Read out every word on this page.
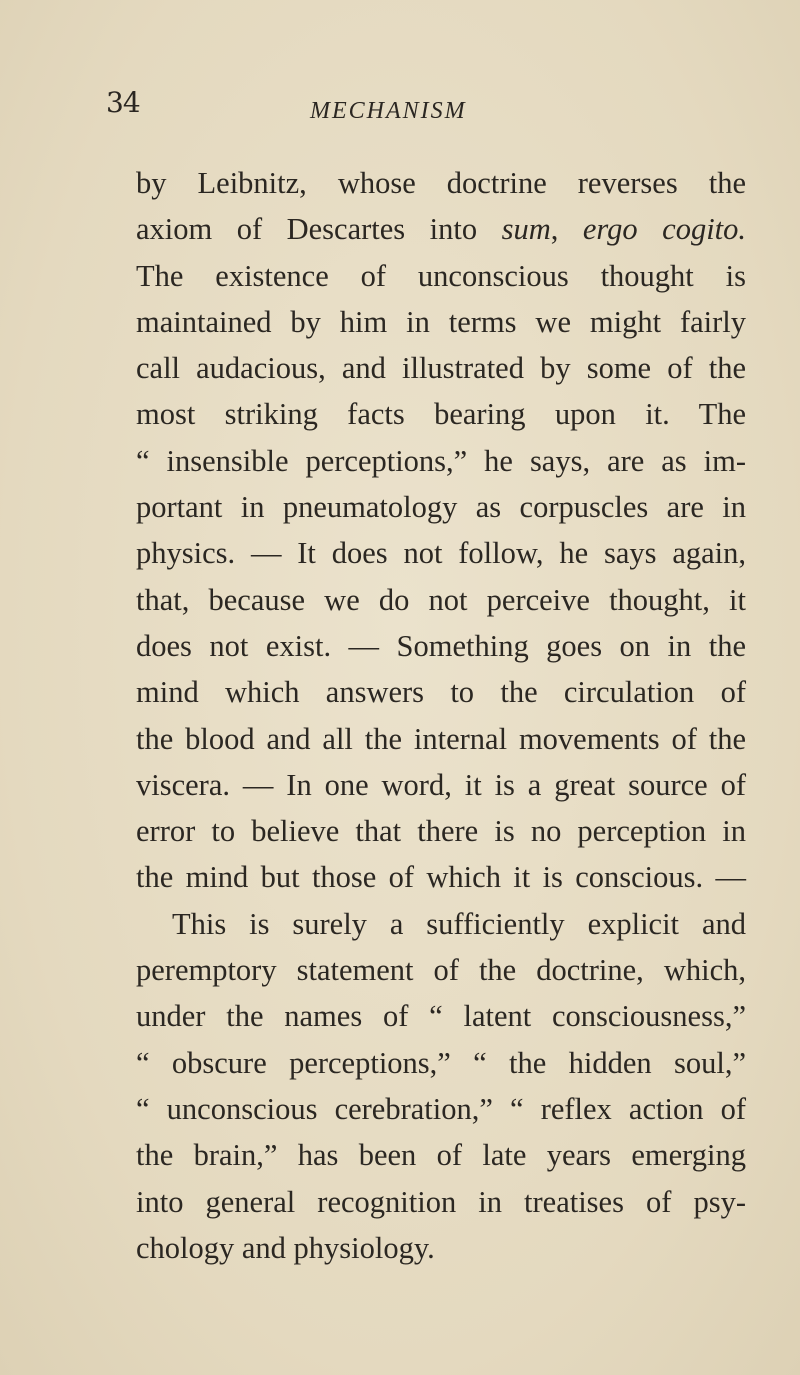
34	MECHANISM
by Leibnitz, whose doctrine reverses the
axiom of Descartes into sum, ergo cogito.
The existence of unconscious thought is
maintained by him in terms we might fairly
call audacious, and illustrated by some of the
most striking facts bearing upon it. The
“ insensible perceptions,” he says, are as im-
portant in pneumatology as corpuscles are in
physics. — It does not follow, he says again,
that, because we do not perceive thought, it
does not exist. — Something goes on in the
mind which answers to the circulation of
the blood and all the internal movements of the
viscera. — In one word, it is a great source of
error to believe that there is no perception in
the mind but those of which it is conscious. —
This is surely a sufficiently explicit and
peremptory statement of the doctrine, which,
under the names of “ latent consciousness,”
“ obscure perceptions,” “ the hidden soul,”
“ unconscious cerebration,” “ reflex action of
the brain,” has been of late years emerging
into general recognition in treatises of psy-
chology and physiology.
